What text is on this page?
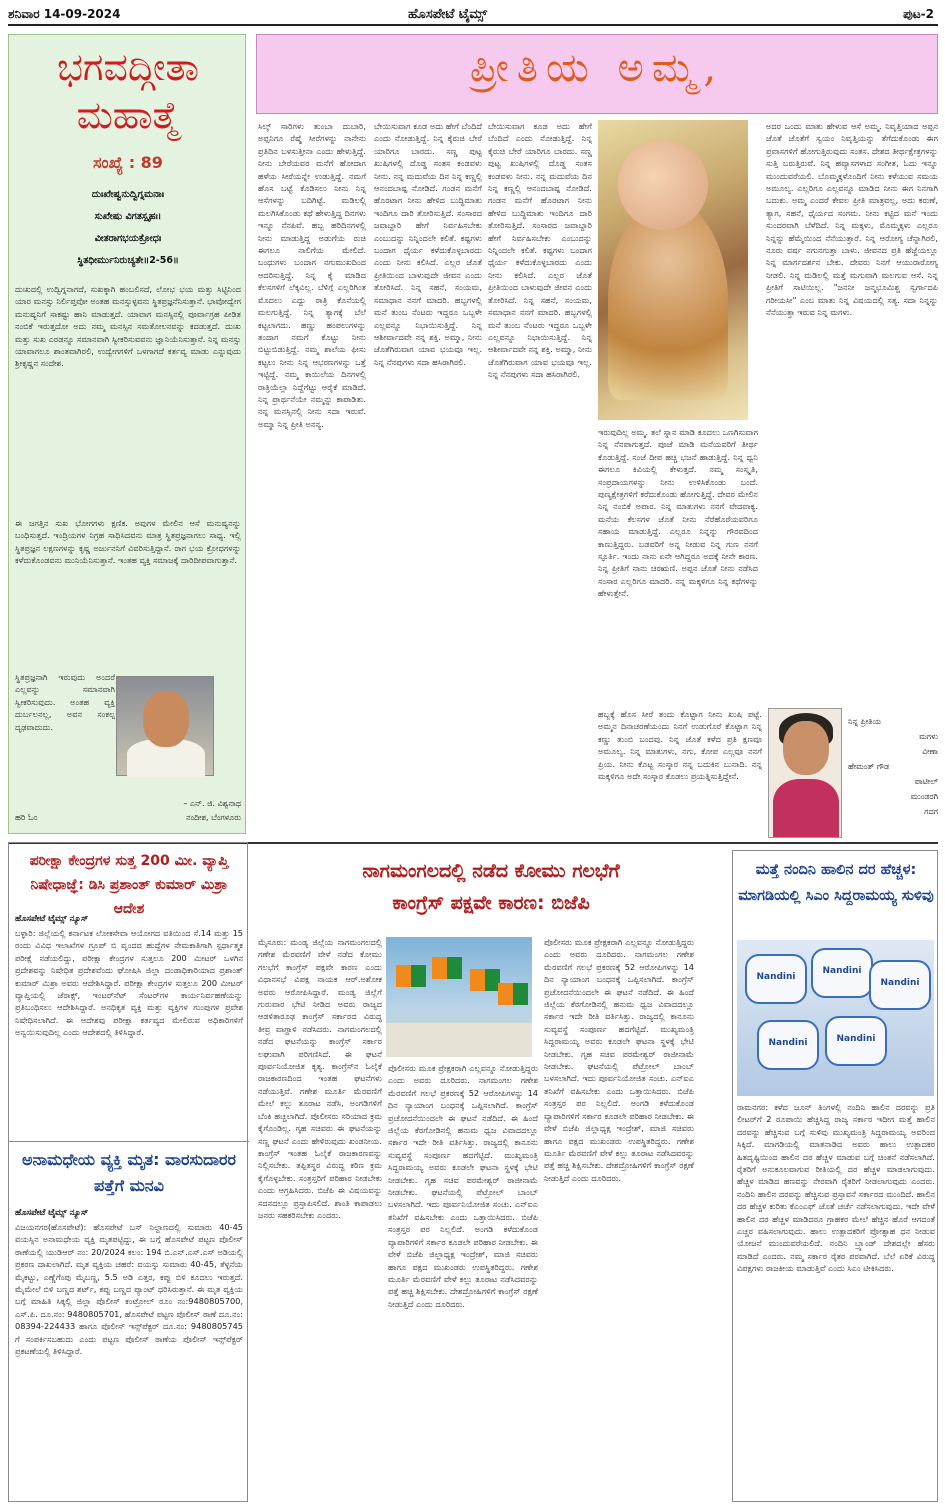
ಶನಿವಾರ 14-09-2024	ಹೊಸಪೇಟೆ ಟೈಮ್ಸ್	ಪುಟ-2
ಭಗವದ್ಗೀತಾ ಮಹಾತ್ಮೆ
ಸಂಖ್ಯೆ : 89
ದುಃಖೇಷ್ವನುದ್ವಿಗ್ನಮನಾಃ
ಸುಖೇಷು ವಿಗತಸ್ಪೃಹಃ।
ವೀತರಾಗಭಯಕ್ರೋಧಃ
ಸ್ಥಿತಧೀರ್ಮುನಿರುಚ್ಯತೇ॥2-56॥
ದುಃಖದಲ್ಲಿ ಉದ್ವಿಗ್ನನಾಗದೆ, ಸುಖಕ್ಕಾಗಿ ಹಂಬಲಿಸದೆ, ಲೋಭ ಭಯ ಮತ್ತು ಸಿಟ್ಟಿನಿಂದ ಯಾರ ಮನಸ್ಸು ನಿರ್ಲಿಪ್ತವೋ ಅಂತಹ ಮನಸ್ಸುಳ್ಳವನು ಸ್ಥಿತಪ್ರಜ್ಞನೆನಿಸುತ್ತಾನೆ. ಭಾವೋದ್ವೇಗ ಮನುಷ್ಯನಿಗೆ ಸಾಕಷ್ಟು ಹಾನಿ ಮಾಡುತ್ತದೆ. ಯಾವಾಗ ಮನಸ್ಸಿನಲ್ಲಿ ಪೂರ್ವಾಗ್ರಹ ಪೀಡಿತ ನಂಬಿಕೆ ಇರುತ್ತದೋ ಅದು ನಮ್ಮ ಮನಸ್ಸಿನ ಸಮತೋಲನವನ್ನು ಕದಡುತ್ತದೆ. ದುಃಖ ಮತ್ತು ಸುಖ ಎರಡನ್ನೂ ಸಮಾನವಾಗಿ ಸ್ವೀಕರಿಸುವವನು ಜ್ಞಾನಿಯೆನಿಸುತ್ತಾನೆ. ನಿನ್ನ ಮನಸ್ಸು ಯಾವಾಗಲೂ ಶಾಂತವಾಗಿರಲಿ, ಉದ್ವೇಗಗಳಿಗೆ ಒಳಗಾಗದೆ ಕರ್ತವ್ಯ ಮಾಡು ಎನ್ನುವುದು ಶ್ರೀಕೃಷ್ಣನ ಸಂದೇಶ.
ಈ ಜಗತ್ತಿನ ಸುಖ ಭೋಗಗಳು ಕ್ಷಣಿಕ. ಅವುಗಳ ಮೇಲಿನ ಆಸೆ ಮನುಷ್ಯನನ್ನು ಬಂಧಿಸುತ್ತದೆ. ಇಂದ್ರಿಯಗಳ ನಿಗ್ರಹ ಸಾಧಿಸಿದವನು ಮಾತ್ರ ಸ್ಥಿತಪ್ರಜ್ಞನಾಗಲು ಸಾಧ್ಯ. ಇಲ್ಲಿ ಸ್ಥಿತಪ್ರಜ್ಞನ ಲಕ್ಷಣಗಳನ್ನು ಕೃಷ್ಣ ಅರ್ಜುನನಿಗೆ ವಿವರಿಸುತ್ತಿದ್ದಾನೆ. ರಾಗ ಭಯ ಕ್ರೋಧಗಳನ್ನು ಕಳೆದುಕೊಂಡವನು ಮುನಿಯೆನಿಸುತ್ತಾನೆ. ಇಂತಹ ವ್ಯಕ್ತಿ ಸಮಾಜಕ್ಕೆ ದಾರಿದೀಪವಾಗುತ್ತಾನೆ.
ಸ್ಥಿತಪ್ರಜ್ಞನಾಗಿ ಇರುವುದು ಅಂದರೆ ಎಲ್ಲವನ್ನು ಸಮಾನವಾಗಿ ಸ್ವೀಕರಿಸುವುದು. ಅಂತಹ ವ್ಯಕ್ತಿ ದುರ್ಬಲನಲ್ಲ, ಅವನ ಸಂಕಲ್ಪ ದೃಢವಾದುದು.
– ಎನ್. ಜಿ. ವಿಶ್ವನಾಥ
ನಂದೀಶ, ಬೆಂಗಳೂರು
ಹರಿ ಓಂ
ಪ್ರೀತಿಯ ಅಮ್ಮ,
ಸಿಲ್ಕ್ ಸಾರಿಗಳು ತುಂಬಾ ದುಬಾರಿ, ಅಪ್ಪನಿಗೂ ರೆಷ್ಮೆ ಸೀರೆಗಳನ್ನು ನಾನೇನು ಪ್ರತಿದಿನ ಬಳಸುತ್ತೀನಾ ಎಂದು ಹೇಳುತ್ತಿದ್ದೆ. ನೀನು ಬೇರೆಯವರ ಮನೆಗೆ ಹೋದಾಗ ಹಳೆಯ ಸೀರೆಯನ್ನೇ ಉಡುತ್ತಿದ್ದೆ. ನಮಗೆ ಹೊಸ ಬಟ್ಟೆ ಕೊಡಿಸಲು ನೀನು ನಿನ್ನ ಆಸೆಗಳನ್ನು ಬದಿಗಿಟ್ಟೆ. ಮಡಿಲಲ್ಲಿ ಮಲಗಿಸಿಕೊಂಡು ಕಥೆ ಹೇಳುತ್ತಿದ್ದ ದಿನಗಳು ಇನ್ನೂ ನೆನಪಿವೆ. ಹಬ್ಬ ಹರಿದಿನಗಳಲ್ಲಿ ನೀನು ಮಾಡುತ್ತಿದ್ದ ಅಡುಗೆಯ ರುಚಿ ಈಗಲೂ ನಾಲಿಗೆಯ ಮೇಲಿದೆ. ಬಂಧುಗಳು ಬಂದಾಗ ನಗುಮುಖದಿಂದ ಆದರಿಸುತ್ತಿದ್ದೆ. ನಿನ್ನ ಕೈ ಮಾಡಿದ ಕೆಲಸಗಳಿಗೆ ಲೆಕ್ಕವಿಲ್ಲ. ಬೆಳಿಗ್ಗೆ ಎಲ್ಲರಿಗಿಂತ ಮೊದಲು ಎದ್ದು ರಾತ್ರಿ ಕೊನೆಯಲ್ಲಿ ಮಲಗುತ್ತಿದ್ದೆ. ನಿನ್ನ ತ್ಯಾಗಕ್ಕೆ ಬೆಲೆ ಕಟ್ಟಲಾಗದು. ಹಣ್ಣು ಹಂಪಲುಗಳನ್ನು ತಂದಾಗ ನಮಗೆ ಕೊಟ್ಟು ನೀನು ಬಿಟ್ಟುಬಿಡುತ್ತಿದ್ದೆ. ನಮ್ಮ ಶಾಲೆಯ ಫೀಸು ಕಟ್ಟಲು ನೀನು ನಿನ್ನ ಆಭರಣಗಳನ್ನು ಒತ್ತೆ ಇಟ್ಟಿದ್ದೆ. ನಮ್ಮ ಕಾಯಿಲೆಯ ದಿನಗಳಲ್ಲಿ ರಾತ್ರಿಯೆಲ್ಲಾ ನಿದ್ದೆಗೆಟ್ಟು ಆರೈಕೆ ಮಾಡಿದೆ. ನಿನ್ನ ಪ್ರಾರ್ಥನೆಯೇ ನಮ್ಮನ್ನು ಕಾಪಾಡಿತು. ನನ್ನ ಮನಸ್ಸಿನಲ್ಲಿ ನೀನು ಸದಾ ಇರುವೆ. ಅಮ್ಮಾ ನಿನ್ನ ಪ್ರೀತಿ ಅನನ್ಯ.
ಬೇಯಿಸುವಾಗ ಕೂಡ ಅದು ಹೇಗೆ ಬೆಂದಿದೆ ಎಂದು ನೋಡುತ್ತಿದ್ದೆ. ನಿನ್ನ ಕೈರುಚಿ ಬೇರೆ ಯಾರಿಗೂ ಬಾರದು. ಸಣ್ಣ ಪುಟ್ಟ ಖುಷಿಗಳಲ್ಲಿ ದೊಡ್ಡ ಸಂತಸ ಕಂಡವಳು ನೀನು. ನನ್ನ ಮದುವೆಯ ದಿನ ನಿನ್ನ ಕಣ್ಣಲ್ಲಿ ಆನಂದಬಾಷ್ಪ ನೋಡಿದೆ. ಗಂಡನ ಮನೆಗೆ ಹೊರಟಾಗ ನೀನು ಹೇಳಿದ ಬುದ್ಧಿಮಾತು ಇಂದಿಗೂ ದಾರಿ ತೋರಿಸುತ್ತಿದೆ. ಸಂಸಾರದ ಜವಾಬ್ದಾರಿ ಹೇಗೆ ನಿರ್ವಹಿಸಬೇಕು ಎಂಬುದನ್ನು ನಿನ್ನಿಂದಲೇ ಕಲಿತೆ. ಕಷ್ಟಗಳು ಬಂದಾಗ ಧೈರ್ಯ ಕಳೆದುಕೊಳ್ಳಬಾರದು ಎಂದು ನೀನು ಕಲಿಸಿದೆ. ಎಲ್ಲರ ಜೊತೆ ಪ್ರೀತಿಯಿಂದ ಬಾಳುವುದೇ ಜೀವನ ಎಂದು ತೋರಿಸಿದೆ. ನಿನ್ನ ಸಹನೆ, ಸಂಯಮ, ಸಮಾಧಾನ ನನಗೆ ಮಾದರಿ. ಹಬ್ಬಗಳಲ್ಲಿ ಮನೆ ತುಂಬ ನೆಂಟರು ಇದ್ದರೂ ಒಬ್ಬಳೇ ಎಲ್ಲವನ್ನೂ ನಿಭಾಯಿಸುತ್ತಿದ್ದೆ. ನಿನ್ನ ಆಶೀರ್ವಾದವೇ ನನ್ನ ಶಕ್ತಿ. ಅಮ್ಮಾ, ನೀನು ಜೊತೆಗಿರುವಾಗ ಯಾವ ಭಯವೂ ಇಲ್ಲ. ನಿನ್ನ ನೆನಪುಗಳು ಸದಾ ಹಸಿರಾಗಿರಲಿ.
ಬೇಯಿಸುವಾಗ ಕೂಡ ಅದು ಹೇಗೆ ಬೆಂದಿದೆ ಎಂದು ನೋಡುತ್ತಿದ್ದೆ. ನಿನ್ನ ಕೈರುಚಿ ಬೇರೆ ಯಾರಿಗೂ ಬಾರದು. ಸಣ್ಣ ಪುಟ್ಟ ಖುಷಿಗಳಲ್ಲಿ ದೊಡ್ಡ ಸಂತಸ ಕಂಡವಳು ನೀನು. ನನ್ನ ಮದುವೆಯ ದಿನ ನಿನ್ನ ಕಣ್ಣಲ್ಲಿ ಆನಂದಬಾಷ್ಪ ನೋಡಿದೆ. ಗಂಡನ ಮನೆಗೆ ಹೊರಟಾಗ ನೀನು ಹೇಳಿದ ಬುದ್ಧಿಮಾತು ಇಂದಿಗೂ ದಾರಿ ತೋರಿಸುತ್ತಿದೆ. ಸಂಸಾರದ ಜವಾಬ್ದಾರಿ ಹೇಗೆ ನಿರ್ವಹಿಸಬೇಕು ಎಂಬುದನ್ನು ನಿನ್ನಿಂದಲೇ ಕಲಿತೆ. ಕಷ್ಟಗಳು ಬಂದಾಗ ಧೈರ್ಯ ಕಳೆದುಕೊಳ್ಳಬಾರದು ಎಂದು ನೀನು ಕಲಿಸಿದೆ. ಎಲ್ಲರ ಜೊತೆ ಪ್ರೀತಿಯಿಂದ ಬಾಳುವುದೇ ಜೀವನ ಎಂದು ತೋರಿಸಿದೆ. ನಿನ್ನ ಸಹನೆ, ಸಂಯಮ, ಸಮಾಧಾನ ನನಗೆ ಮಾದರಿ. ಹಬ್ಬಗಳಲ್ಲಿ ಮನೆ ತುಂಬ ನೆಂಟರು ಇದ್ದರೂ ಒಬ್ಬಳೇ ಎಲ್ಲವನ್ನೂ ನಿಭಾಯಿಸುತ್ತಿದ್ದೆ. ನಿನ್ನ ಆಶೀರ್ವಾದವೇ ನನ್ನ ಶಕ್ತಿ. ಅಮ್ಮಾ, ನೀನು ಜೊತೆಗಿರುವಾಗ ಯಾವ ಭಯವೂ ಇಲ್ಲ. ನಿನ್ನ ನೆನಪುಗಳು ಸದಾ ಹಸಿರಾಗಿರಲಿ.
ಇರುವುದಿಲ್ಲ ಅಮ್ಮ. ತಲೆ ಸ್ನಾನ ಮಾಡಿ ಕೂದಲು ಒಣಗಿಸುವಾಗ ನಿನ್ನ ನೆನಪಾಗುತ್ತದೆ. ಪೂಜೆ ಮಾಡಿ ಮನೆಯವರಿಗೆ ತೀರ್ಥ ಕೊಡುತ್ತಿದ್ದೆ. ಸಂಜೆ ದೀಪ ಹಚ್ಚಿ ಭಜನೆ ಹಾಡುತ್ತಿದ್ದೆ. ನಿನ್ನ ಧ್ವನಿ ಈಗಲೂ ಕಿವಿಯಲ್ಲಿ ಕೇಳುತ್ತದೆ. ನಮ್ಮ ಸಂಸ್ಕೃತಿ, ಸಂಪ್ರದಾಯಗಳನ್ನು ನೀನು ಉಳಿಸಿಕೊಂಡು ಬಂದೆ. ಪುಣ್ಯಕ್ಷೇತ್ರಗಳಿಗೆ ಕರೆದುಕೊಂಡು ಹೋಗುತ್ತಿದ್ದೆ. ದೇವರ ಮೇಲಿನ ನಿನ್ನ ನಂಬಿಕೆ ಅಪಾರ. ನಿನ್ನ ಮಾತುಗಳು ನನಗೆ ವೇದವಾಕ್ಯ. ಮನೆಯ ಕೆಲಸಗಳ ಜೊತೆ ನೀನು ನೆರೆಹೊರೆಯವರಿಗೂ ಸಹಾಯ ಮಾಡುತ್ತಿದ್ದೆ. ಎಲ್ಲರೂ ನಿನ್ನನ್ನು ಗೌರವದಿಂದ ಕಾಣುತ್ತಿದ್ದರು. ಬಡವರಿಗೆ ಅನ್ನ ನೀಡುವ ನಿನ್ನ ಗುಣ ನನಗೆ ಸ್ಫೂರ್ತಿ. ಇಂದು ನಾನು ಏನೇ ಆಗಿದ್ದರೂ ಅದಕ್ಕೆ ನೀನೇ ಕಾರಣ. ನಿನ್ನ ಪ್ರೀತಿಗೆ ನಾನು ಚಿರಋಣಿ. ಅಪ್ಪನ ಜೊತೆ ನೀನು ನಡೆಸಿದ ಸಂಸಾರ ಎಲ್ಲರಿಗೂ ಮಾದರಿ. ನನ್ನ ಮಕ್ಕಳಿಗೂ ನಿನ್ನ ಕಥೆಗಳನ್ನು ಹೇಳುತ್ತೇನೆ.
ಹಬ್ಬಕ್ಕೆ ಹೊಸ ಸೀರೆ ತಂದು ಕೊಟ್ಟಾಗ ನೀನು ಖುಷಿ ಪಟ್ಟೆ. ಅಮ್ಮನ ದಿನಾಚರಣೆಯಂದು ನಿನಗೆ ಉಡುಗೊರೆ ಕೊಟ್ಟಾಗ ನಿನ್ನ ಕಣ್ಣು ತುಂಬಿ ಬಂದವು. ನಿನ್ನ ಜೊತೆ ಕಳೆದ ಪ್ರತಿ ಕ್ಷಣವೂ ಅಮೂಲ್ಯ. ನಿನ್ನ ಮಾತುಗಳು, ನಗು, ಕೋಪ ಎಲ್ಲವೂ ನನಗೆ ಪ್ರಿಯ. ನೀನು ಕೊಟ್ಟ ಸಂಸ್ಕಾರ ನನ್ನ ಬದುಕಿನ ಬುನಾದಿ. ನನ್ನ ಮಕ್ಕಳಿಗೂ ಅದೇ ಸಂಸ್ಕಾರ ಕೊಡಲು ಪ್ರಯತ್ನಿಸುತ್ತಿದ್ದೇನೆ.
ಅದರ ಒಂದು ಮಾತು ಹೇಳುವ ಆಸೆ ಅಮ್ಮ. ನಿವೃತ್ತಿಯಾದ ಅಪ್ಪನ ಜೊತೆ ಜೊತೆಗೆ ಸ್ವಯಂ ನಿವೃತ್ತಿಯನ್ನು ತೆಗೆದುಕೊಂಡು ಈಗ ಪ್ರವಾಸಗಳಿಗೆ ಹೋಗುತ್ತಿರುವುದು ಸಂತಸ. ದೇಶದ ತೀರ್ಥಕ್ಷೇತ್ರಗಳನ್ನು ಸುತ್ತಿ ಬರುತ್ತಿರುವೆ. ನಿನ್ನ ಹವ್ಯಾಸಗಳಾದ ಸಂಗೀತ, ಓದು ಇನ್ನೂ ಮುಂದುವರೆಯಲಿ. ಬೊಮ್ಮಕ್ಕಳೊಂದಿಗೆ ನೀನು ಕಳೆಯುವ ಸಮಯ ಅಮೂಲ್ಯ. ಎಲ್ಲರಿಗೂ ಎಲ್ಲವನ್ನೂ ಮಾಡಿದ ನೀನು ಈಗ ನಿನಗಾಗಿ ಬದುಕು. ಅಮ್ಮ ಎಂದರೆ ಕೇವಲ ಪ್ರೀತಿ ಮಾತ್ರವಲ್ಲ, ಅದು ಕರುಣೆ, ತ್ಯಾಗ, ಸಹನೆ, ಧೈರ್ಯದ ಸಂಗಮ. ನೀನು ಕಟ್ಟಿದ ಮನೆ ಇಂದು ಸುಂದರವಾಗಿ ಬೆಳೆದಿದೆ. ನಿನ್ನ ಮಕ್ಕಳು, ಮೊಮ್ಮಕ್ಕಳು ಎಲ್ಲರೂ ನಿನ್ನನ್ನು ಹೆಮ್ಮೆಯಿಂದ ನೆನೆಯುತ್ತಾರೆ. ನಿನ್ನ ಆರೋಗ್ಯ ಚೆನ್ನಾಗಿರಲಿ, ನೂರು ವರ್ಷ ನಗುನಗುತ್ತಾ ಬಾಳು. ಜೀವನದ ಪ್ರತಿ ಹೆಜ್ಜೆಯಲ್ಲೂ ನಿನ್ನ ಮಾರ್ಗದರ್ಶನ ಬೇಕು. ದೇವರು ನಿನಗೆ ಆಯುರಾರೋಗ್ಯ ನೀಡಲಿ. ನಿನ್ನ ಮಡಿಲಲ್ಲಿ ಮತ್ತೆ ಮಗುವಾಗಿ ಮಲಗುವ ಆಸೆ. ನಿನ್ನ ಪ್ರೀತಿಗೆ ಸಾಟಿಯಿಲ್ಲ. "ಜನನೀ ಜನ್ಮಭೂಮಿಶ್ಚ ಸ್ವರ್ಗಾದಪಿ ಗರೀಯಸೀ" ಎಂಬ ಮಾತು ನಿನ್ನ ವಿಷಯದಲ್ಲಿ ಸತ್ಯ. ಸದಾ ನಿನ್ನನ್ನು ನೆನೆಯುತ್ತಾ ಇರುವ ನಿನ್ನ ಮಗಳು.
ನಿನ್ನ ಪ್ರೀತಿಯ
ಮಗಳು
ವೀಣಾ
ಹೇಮಂತ್ ಗೌಡ
ಪಾಟೀಲ್
ಮುಂಡರಗಿ
ಗದಗ
ಪರೀಕ್ಷಾ ಕೇಂದ್ರಗಳ ಸುತ್ತ 200 ಮೀ. ವ್ಯಾಪ್ತಿ ನಿಷೇಧಾಜ್ಞೆ: ಡಿಸಿ ಪ್ರಶಾಂತ್ ಕುಮಾರ್ ಮಿಶ್ರಾ ಆದೇಶ
ಹೊಸಪೇಟೆ ಟೈಮ್ಸ್ ನ್ಯೂಸ್
ಬಳ್ಳಾರಿ: ಜಿಲ್ಲೆಯಲ್ಲಿ ಕರ್ನಾಟಕ ಲೋಕಸೇವಾ ಆಯೋಗದ ವತಿಯಿಂದ ಸೆ.14 ಮತ್ತು 15 ರಂದು ವಿವಿಧ ಇಲಾಖೆಗಳ ಗ್ರೂಪ್ ಬಿ ವೃಂದದ ಹುದ್ದೆಗಳ ನೇಮಕಾತಿಗಾಗಿ ಸ್ಪರ್ಧಾತ್ಮಕ ಪರೀಕ್ಷೆ ನಡೆಯಲಿದ್ದು, ಪರೀಕ್ಷಾ ಕೇಂದ್ರಗಳ ಸುತ್ತಲೂ 200 ಮೀಟರ್ ಒಳಗಿನ ಪ್ರದೇಶವನ್ನು ನಿಷೇಧಿತ ಪ್ರದೇಶವೆಂದು ಘೋಷಿಸಿ ಜಿಲ್ಲಾ ದಂಡಾಧಿಕಾರಿಯಾದ ಪ್ರಶಾಂತ್ ಕುಮಾರ್ ಮಿಶ್ರಾ ಅವರು ಆದೇಶಿಸಿದ್ದಾರೆ. ಪರೀಕ್ಷಾ ಕೇಂದ್ರಗಳ ಸುತ್ತಲೂ 200 ಮೀಟರ್ ವ್ಯಾಪ್ತಿಯಲ್ಲಿ ಜೆರಾಕ್ಸ್, ಇಂಟರ್‌ನೆಟ್ ಸೆಂಟರ್‌ಗಳ ಕಾರ್ಯನಿರ್ವಹಣೆಯನ್ನು ಪ್ರತಿಬಂಧಿಸಲು ಆದೇಶಿಸಿದ್ದಾರೆ. ಅನಧಿಕೃತ ವ್ಯಕ್ತಿ ಮತ್ತು ವ್ಯಕ್ತಿಗಳ ಗುಂಪುಗಳ ಪ್ರವೇಶ ನಿಷೇಧಿಸಲಾಗಿದೆ. ಈ ಆದೇಶವು ಪರೀಕ್ಷಾ ಕರ್ತವ್ಯದ ಮೇಲಿರುವ ಅಧಿಕಾರಿಗಳಿಗೆ ಅನ್ವಯಿಸುವುದಿಲ್ಲ ಎಂದು ಆದೇಶದಲ್ಲಿ ತಿಳಿಸಿದ್ದಾರೆ.
ಅನಾಮಧೇಯ ವ್ಯಕ್ತಿ ಮೃತ: ವಾರಸುದಾರರ ಪತ್ತೆಗೆ ಮನವಿ
ಹೊಸಪೇಟೆ ಟೈಮ್ಸ್ ನ್ಯೂಸ್
ವಿಜಯನಗರ(ಹೊಸಪೇಟೆ): ಹೊಸಪೇಟೆ ಬಸ್ ನಿಲ್ದಾಣದಲ್ಲಿ ಸುಮಾರು 40-45 ವಯಸ್ಸಿನ ಅನಾಮಧೇಯ ವ್ಯಕ್ತಿ ಮೃತಪಟ್ಟಿದ್ದು, ಈ ಬಗ್ಗೆ ಹೊಸಪೇಟೆ ಪಟ್ಟಣ ಪೊಲೀಸ್ ಠಾಣೆಯಲ್ಲಿ ಯುಡಿಆರ್ ನಂ: 20/2024 ಕಲಂ: 194 ಬಿ.ಎನ್.ಎಸ್.ಎಸ್ ಅಡಿಯಲ್ಲಿ ಪ್ರಕರಣ ದಾಖಲಾಗಿದೆ. ಮೃತ ವ್ಯಕ್ತಿಯ ಚಹರೆ: ವಯಸ್ಸು ಸುಮಾರು 40-45, ತೆಳ್ಳನೆಯ ಮೈಕಟ್ಟು, ಎಣ್ಣೆಗೆಂಪು ಮೈಬಣ್ಣ, 5.5 ಅಡಿ ಎತ್ತರ, ಕಪ್ಪು ಬಿಳಿ ಕೂದಲು ಇರುತ್ತದೆ. ಮೈಮೇಲೆ ಬಿಳಿ ಬಣ್ಣದ ಶರ್ಟ್, ಕಪ್ಪು ಬಣ್ಣದ ಪ್ಯಾಂಟ್ ಧರಿಸಿರುತ್ತಾನೆ. ಈ ಮೃತ ವ್ಯಕ್ತಿಯ ಬಗ್ಗೆ ಮಾಹಿತಿ ಸಿಕ್ಕಲ್ಲಿ ಜಿಲ್ಲಾ ಪೊಲೀಸ್ ಕಂಟ್ರೋಲ್ ರೂಂ ನಂ:9480805700, ಎಸ್.ಪಿ. ದೂ.ನಂ: 9480805701, ಹೊಸಪೇಟೆ ಪಟ್ಟಣ ಪೊಲೀಸ್ ಠಾಣೆ ದೂ.ನಂ: 08394-224433 ಹಾಗೂ ಪೊಲೀಸ್ ಇನ್ಸ್‌ಪೆಕ್ಟರ್ ದೂ.ನಂ: 9480805745 ಗೆ ಸಂಪರ್ಕಿಸಬಹುದು ಎಂದು ಪಟ್ಟಣ ಪೊಲೀಸ್ ಠಾಣೆಯ ಪೊಲೀಸ್ ಇನ್ಸ್‌ಪೆಕ್ಟರ್ ಪ್ರಕಟಣೆಯಲ್ಲಿ ತಿಳಿಸಿದ್ದಾರೆ.
ನಾಗಮಂಗಲದಲ್ಲಿ ನಡೆದ ಕೋಮು ಗಲಭೆಗೆ
ಕಾಂಗ್ರೆಸ್ ಪಕ್ಷವೇ ಕಾರಣ: ಬಿಜೆಪಿ
ಮೈಸೂರು: ಮಂಡ್ಯ ಜಿಲ್ಲೆಯ ನಾಗಮಂಗಲದಲ್ಲಿ ಗಣೇಶ ಮೆರವಣಿಗೆ ವೇಳೆ ನಡೆದ ಕೋಮು ಗಲಭೆಗೆ ಕಾಂಗ್ರೆಸ್ ಪಕ್ಷವೇ ಕಾರಣ ಎಂದು ವಿಧಾನಸಭೆ ವಿಪಕ್ಷ ನಾಯಕ ಆರ್.ಅಶೋಕ ಅವರು ಆರೋಪಿಸಿದ್ದಾರೆ. ಮಂಡ್ಯ ಜಿಲ್ಲೆಗೆ ಗುರುವಾರ ಭೇಟಿ ನೀಡಿದ ಅವರು ರಾಜ್ಯದ ಆಡಳಿತಾರೂಢ ಕಾಂಗ್ರೆಸ್ ಸರ್ಕಾರದ ವಿರುದ್ಧ ತೀವ್ರ ವಾಗ್ದಾಳಿ ನಡೆಸಿದರು. ನಾಗಮಂಗಲದಲ್ಲಿ ನಡೆದ ಘಟನೆಯನ್ನು ಕಾಂಗ್ರೆಸ್ ಸರ್ಕಾರ ಲಘುವಾಗಿ ಪರಿಗಣಿಸಿದೆ. ಈ ಘಟನೆ ಪೂರ್ವನಿಯೋಜಿತ ಕೃತ್ಯ. ಕಾಂಗ್ರೆಸ್‌ನ ಓಲೈಕೆ ರಾಜಕಾರಣದಿಂದ ಇಂತಹ ಘಟನೆಗಳು ನಡೆಯುತ್ತಿವೆ. ಗಣೇಶ ಮೂರ್ತಿ ಮೆರವಣಿಗೆ ಮೇಲೆ ಕಲ್ಲು ತೂರಾಟ ನಡೆಸಿ, ಅಂಗಡಿಗಳಿಗೆ ಬೆಂಕಿ ಹಚ್ಚಲಾಗಿದೆ. ಪೊಲೀಸರು ಸರಿಯಾದ ಕ್ರಮ ಕೈಗೊಂಡಿಲ್ಲ. ಗೃಹ ಸಚಿವರು ಈ ಘಟನೆಯನ್ನು ಸಣ್ಣ ಘಟನೆ ಎಂದು ಹೇಳಿರುವುದು ಖಂಡನೀಯ. ಕಾಂಗ್ರೆಸ್ ಇಂತಹ ಓಲೈಕೆ ರಾಜಕಾರಣವನ್ನು ನಿಲ್ಲಿಸಬೇಕು. ತಪ್ಪಿತಸ್ಥರ ವಿರುದ್ಧ ಕಠಿಣ ಕ್ರಮ ಕೈಗೊಳ್ಳಬೇಕು. ಸಂತ್ರಸ್ತರಿಗೆ ಪರಿಹಾರ ನೀಡಬೇಕು ಎಂದು ಆಗ್ರಹಿಸಿದರು. ಬಿಜೆಪಿ ಈ ವಿಷಯವನ್ನು ಸದನದಲ್ಲೂ ಪ್ರಸ್ತಾಪಿಸಲಿದೆ. ಶಾಂತಿ ಕಾಪಾಡಲು ಜನರು ಸಹಕರಿಸಬೇಕು ಎಂದರು.
ಪೊಲೀಸರು ಮೂಕ ಪ್ರೇಕ್ಷಕರಾಗಿ ಎಲ್ಲವನ್ನೂ ನೋಡುತ್ತಿದ್ದರು ಎಂದು ಅವರು ದೂರಿದರು. ನಾಗಮಂಗಲ ಗಣೇಶ ಮೆರವಣಿಗೆ ಗಲಭೆ ಪ್ರಕರಣಕ್ಕೆ 52 ಆರೋಪಿಗಳನ್ನು 14 ದಿನ ನ್ಯಾಯಾಂಗ ಬಂಧನಕ್ಕೆ ಒಪ್ಪಿಸಲಾಗಿದೆ. ಕಾಂಗ್ರೆಸ್ ಪ್ರಚೋದನೆಯಿಂದಲೇ ಈ ಘಟನೆ ನಡೆದಿದೆ. ಈ ಹಿಂದೆ ಜಿಲ್ಲೆಯ ಕೆರಗೋಡಿನಲ್ಲಿ ಹನುಮ ಧ್ವಜ ವಿವಾದದಲ್ಲೂ ಸರ್ಕಾರ ಇದೇ ರೀತಿ ವರ್ತಿಸಿತ್ತು. ರಾಜ್ಯದಲ್ಲಿ ಕಾನೂನು ಸುವ್ಯವಸ್ಥೆ ಸಂಪೂರ್ಣ ಹದಗೆಟ್ಟಿದೆ. ಮುಖ್ಯಮಂತ್ರಿ ಸಿದ್ದರಾಮಯ್ಯ ಅವರು ಕೂಡಲೇ ಘಟನಾ ಸ್ಥಳಕ್ಕೆ ಭೇಟಿ ನೀಡಬೇಕು. ಗೃಹ ಸಚಿವ ಪರಮೇಶ್ವರ್ ರಾಜೀನಾಮೆ ನೀಡಬೇಕು. ಘಟನೆಯಲ್ಲಿ ಪೆಟ್ರೋಲ್ ಬಾಂಬ್ ಬಳಸಲಾಗಿದೆ. ಇದು ಪೂರ್ವನಿಯೋಜಿತ ಸಂಚು. ಎನ್‌ಐಎ ತನಿಖೆಗೆ ವಹಿಸಬೇಕು ಎಂದು ಒತ್ತಾಯಿಸಿದರು. ಬಿಜೆಪಿ ಸಂತ್ರಸ್ತರ ಪರ ನಿಲ್ಲಲಿದೆ. ಅಂಗಡಿ ಕಳೆದುಕೊಂಡ ವ್ಯಾಪಾರಿಗಳಿಗೆ ಸರ್ಕಾರ ಕೂಡಲೇ ಪರಿಹಾರ ನೀಡಬೇಕು. ಈ ವೇಳೆ ಬಿಜೆಪಿ ಜಿಲ್ಲಾಧ್ಯಕ್ಷ ಇಂದ್ರೇಶ್, ಮಾಜಿ ಸಚಿವರು ಹಾಗೂ ಪಕ್ಷದ ಮುಖಂಡರು ಉಪಸ್ಥಿತರಿದ್ದರು. ಗಣೇಶ ಮೂರ್ತಿ ಮೆರವಣಿಗೆ ವೇಳೆ ಕಲ್ಲು ತೂರಾಟ ನಡೆಸಿದವರನ್ನು ಪತ್ತೆ ಹಚ್ಚಿ ಶಿಕ್ಷಿಸಬೇಕು. ದೇಶದ್ರೋಹಿಗಳಿಗೆ ಕಾಂಗ್ರೆಸ್ ರಕ್ಷಣೆ ನೀಡುತ್ತಿದೆ ಎಂದು ದೂರಿದರು.
ಪೊಲೀಸರು ಮೂಕ ಪ್ರೇಕ್ಷಕರಾಗಿ ಎಲ್ಲವನ್ನೂ ನೋಡುತ್ತಿದ್ದರು ಎಂದು ಅವರು ದೂರಿದರು. ನಾಗಮಂಗಲ ಗಣೇಶ ಮೆರವಣಿಗೆ ಗಲಭೆ ಪ್ರಕರಣಕ್ಕೆ 52 ಆರೋಪಿಗಳನ್ನು 14 ದಿನ ನ್ಯಾಯಾಂಗ ಬಂಧನಕ್ಕೆ ಒಪ್ಪಿಸಲಾಗಿದೆ. ಕಾಂಗ್ರೆಸ್ ಪ್ರಚೋದನೆಯಿಂದಲೇ ಈ ಘಟನೆ ನಡೆದಿದೆ. ಈ ಹಿಂದೆ ಜಿಲ್ಲೆಯ ಕೆರಗೋಡಿನಲ್ಲಿ ಹನುಮ ಧ್ವಜ ವಿವಾದದಲ್ಲೂ ಸರ್ಕಾರ ಇದೇ ರೀತಿ ವರ್ತಿಸಿತ್ತು. ರಾಜ್ಯದಲ್ಲಿ ಕಾನೂನು ಸುವ್ಯವಸ್ಥೆ ಸಂಪೂರ್ಣ ಹದಗೆಟ್ಟಿದೆ. ಮುಖ್ಯಮಂತ್ರಿ ಸಿದ್ದರಾಮಯ್ಯ ಅವರು ಕೂಡಲೇ ಘಟನಾ ಸ್ಥಳಕ್ಕೆ ಭೇಟಿ ನೀಡಬೇಕು. ಗೃಹ ಸಚಿವ ಪರಮೇಶ್ವರ್ ರಾಜೀನಾಮೆ ನೀಡಬೇಕು. ಘಟನೆಯಲ್ಲಿ ಪೆಟ್ರೋಲ್ ಬಾಂಬ್ ಬಳಸಲಾಗಿದೆ. ಇದು ಪೂರ್ವನಿಯೋಜಿತ ಸಂಚು. ಎನ್‌ಐಎ ತನಿಖೆಗೆ ವಹಿಸಬೇಕು ಎಂದು ಒತ್ತಾಯಿಸಿದರು. ಬಿಜೆಪಿ ಸಂತ್ರಸ್ತರ ಪರ ನಿಲ್ಲಲಿದೆ. ಅಂಗಡಿ ಕಳೆದುಕೊಂಡ ವ್ಯಾಪಾರಿಗಳಿಗೆ ಸರ್ಕಾರ ಕೂಡಲೇ ಪರಿಹಾರ ನೀಡಬೇಕು. ಈ ವೇಳೆ ಬಿಜೆಪಿ ಜಿಲ್ಲಾಧ್ಯಕ್ಷ ಇಂದ್ರೇಶ್, ಮಾಜಿ ಸಚಿವರು ಹಾಗೂ ಪಕ್ಷದ ಮುಖಂಡರು ಉಪಸ್ಥಿತರಿದ್ದರು. ಗಣೇಶ ಮೂರ್ತಿ ಮೆರವಣಿಗೆ ವೇಳೆ ಕಲ್ಲು ತೂರಾಟ ನಡೆಸಿದವರನ್ನು ಪತ್ತೆ ಹಚ್ಚಿ ಶಿಕ್ಷಿಸಬೇಕು. ದೇಶದ್ರೋಹಿಗಳಿಗೆ ಕಾಂಗ್ರೆಸ್ ರಕ್ಷಣೆ ನೀಡುತ್ತಿದೆ ಎಂದು ದೂರಿದರು.
ಮತ್ತೆ ನಂದಿನಿ ಹಾಲಿನ ದರ ಹೆಚ್ಚಳ: ಮಾಗಡಿಯಲ್ಲಿ ಸಿಎಂ ಸಿದ್ದರಾಮಯ್ಯ ಸುಳಿವು
ರಾಮನಗರ: ಕಳೆದ ಜೂನ್ ತಿಂಗಳಲ್ಲಿ ನಂದಿನಿ ಹಾಲಿನ ದರವನ್ನು ಪ್ರತಿ ಲೀಟರ್‌ಗೆ 2 ರೂಪಾಯಿ ಹೆಚ್ಚಿಸಿದ್ದ ರಾಜ್ಯ ಸರ್ಕಾರ ಇದೀಗ ಮತ್ತೆ ಹಾಲಿನ ದರವನ್ನು ಹೆಚ್ಚಿಸುವ ಬಗ್ಗೆ ಸುಳಿವು ಮುಖ್ಯಮಂತ್ರಿ ಸಿದ್ದರಾಮಯ್ಯ ಅವರಿಂದ ಸಿಕ್ಕಿದೆ. ಮಾಗಡಿಯಲ್ಲಿ ಮಾತನಾಡಿದ ಅವರು ಹಾಲು ಉತ್ಪಾದಕರ ಹಿತದೃಷ್ಟಿಯಿಂದ ಹಾಲಿನ ದರ ಹೆಚ್ಚಳ ಮಾಡುವ ಬಗ್ಗೆ ಚಿಂತನೆ ನಡೆಸಲಾಗಿದೆ. ರೈತರಿಗೆ ಅನುಕೂಲವಾಗುವ ರೀತಿಯಲ್ಲಿ ದರ ಹೆಚ್ಚಳ ಮಾಡಲಾಗುವುದು. ಹೆಚ್ಚಳ ಮಾಡಿದ ಹಣವನ್ನು ನೇರವಾಗಿ ರೈತರಿಗೆ ನೀಡಲಾಗುವುದು ಎಂದರು. ನಂದಿನಿ ಹಾಲಿನ ದರವನ್ನು ಹೆಚ್ಚಿಸುವ ಪ್ರಸ್ತಾವನೆ ಸರ್ಕಾರದ ಮುಂದಿದೆ. ಹಾಲಿನ ದರ ಹೆಚ್ಚಳ ಕುರಿತು ಕೆಎಂಎಫ್ ಜೊತೆ ಚರ್ಚೆ ನಡೆಸಲಾಗುವುದು. ಇದೇ ವೇಳೆ ಹಾಲಿನ ದರ ಹೆಚ್ಚಳ ಮಾಡಿದರೂ ಗ್ರಾಹಕರ ಮೇಲೆ ಹೆಚ್ಚಿನ ಹೊರೆ ಆಗದಂತೆ ಎಚ್ಚರ ವಹಿಸಲಾಗುವುದು. ಹಾಲು ಉತ್ಪಾದಕರಿಗೆ ಪ್ರೋತ್ಸಾಹ ಧನ ನೀಡುವ ಯೋಜನೆ ಮುಂದುವರೆಯಲಿದೆ. ನಂದಿನಿ ಬ್ರ್ಯಾಂಡ್ ದೇಶದಲ್ಲೇ ಹೆಸರು ಮಾಡಿದೆ ಎಂದರು. ನಮ್ಮ ಸರ್ಕಾರ ರೈತರ ಪರವಾಗಿದೆ. ಬೆಲೆ ಏರಿಕೆ ವಿರುದ್ಧ ವಿಪಕ್ಷಗಳು ರಾಜಕೀಯ ಮಾಡುತ್ತಿವೆ ಎಂದು ಸಿಎಂ ಟೀಕಿಸಿದರು.
Nandini
Nandini
Nandini
Nandini	Nandini
